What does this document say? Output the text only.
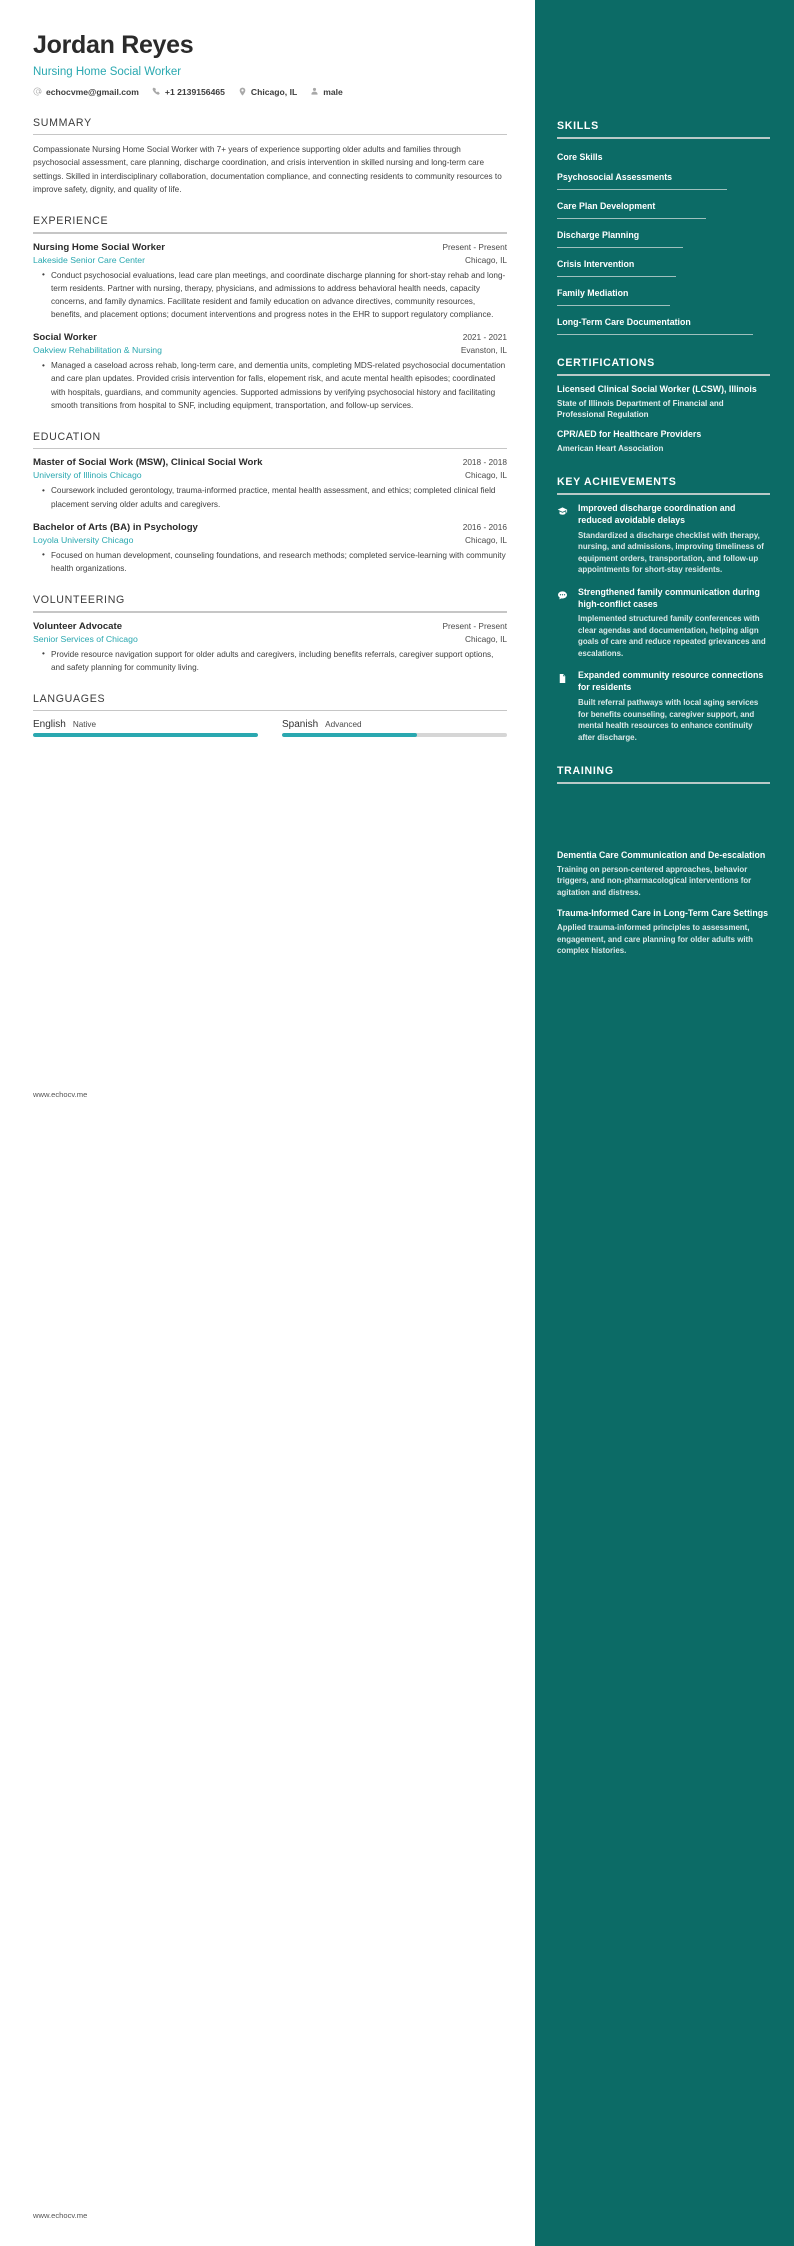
Jordan Reyes
Nursing Home Social Worker
echocvme@gmail.com	+1 2139156465	Chicago, IL	male
SUMMARY
Compassionate Nursing Home Social Worker with 7+ years of experience supporting older adults and families through psychosocial assessment, care planning, discharge coordination, and crisis intervention in skilled nursing and long-term care settings. Skilled in interdisciplinary collaboration, documentation compliance, and connecting residents to community resources to improve safety, dignity, and quality of life.
EXPERIENCE
Nursing Home Social Worker	Present - Present
Lakeside Senior Care Center	Chicago, IL
• Conduct psychosocial evaluations, lead care plan meetings, and coordinate discharge planning for short-stay rehab and long-term residents. Partner with nursing, therapy, physicians, and admissions to address behavioral health needs, capacity concerns, and family dynamics. Facilitate resident and family education on advance directives, community resources, benefits, and placement options; document interventions and progress notes in the EHR to support regulatory compliance.
Social Worker	2021 - 2021
Oakview Rehabilitation & Nursing	Evanston, IL
• Managed a caseload across rehab, long-term care, and dementia units, completing MDS-related psychosocial documentation and care plan updates. Provided crisis intervention for falls, elopement risk, and acute mental health episodes; coordinated with hospitals, guardians, and community agencies. Supported admissions by verifying psychosocial history and facilitating smooth transitions from hospital to SNF, including equipment, transportation, and follow-up services.
EDUCATION
Master of Social Work (MSW), Clinical Social Work	2018 - 2018
University of Illinois Chicago	Chicago, IL
• Coursework included gerontology, trauma-informed practice, mental health assessment, and ethics; completed clinical field placement serving older adults and caregivers.
Bachelor of Arts (BA) in Psychology	2016 - 2016
Loyola University Chicago	Chicago, IL
• Focused on human development, counseling foundations, and research methods; completed service-learning with community health organizations.
VOLUNTEERING
Volunteer Advocate	Present - Present
Senior Services of Chicago	Chicago, IL
• Provide resource navigation support for older adults and caregivers, including benefits referrals, caregiver support options, and safety planning for community living.
LANGUAGES
English Native	Spanish Advanced
www.echocv.me
www.echocv.me
SKILLS
Core Skills
Psychosocial Assessments
Care Plan Development
Discharge Planning
Crisis Intervention
Family Mediation
Long-Term Care Documentation
CERTIFICATIONS
Licensed Clinical Social Worker (LCSW), Illinois
State of Illinois Department of Financial and Professional Regulation
CPR/AED for Healthcare Providers
American Heart Association
KEY ACHIEVEMENTS
Improved discharge coordination and reduced avoidable delays
Standardized a discharge checklist with therapy, nursing, and admissions, improving timeliness of equipment orders, transportation, and follow-up appointments for short-stay residents.
Strengthened family communication during high-conflict cases
Implemented structured family conferences with clear agendas and documentation, helping align goals of care and reduce repeated grievances and escalations.
Expanded community resource connections for residents
Built referral pathways with local aging services for benefits counseling, caregiver support, and mental health resources to enhance continuity after discharge.
TRAINING
Dementia Care Communication and De-escalation
Training on person-centered approaches, behavior triggers, and non-pharmacological interventions for agitation and distress.
Trauma-Informed Care in Long-Term Care Settings
Applied trauma-informed principles to assessment, engagement, and care planning for older adults with complex histories.
